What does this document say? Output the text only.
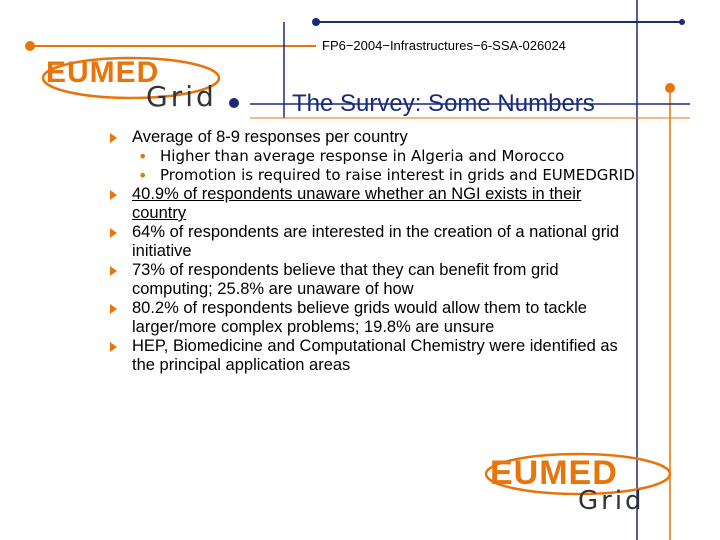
EUMED
Grid
FP6−2004−Infrastructures−6-SSA-026024
The Survey: Some Numbers

Average of 8-9 responses per country

• Higher than average response in Algeria and Morocco

• Promotion is required to raise interest in grids and EUMEDGRID

40.9% of respondents unaware whether an NGI exists in their country

64% of respondents are interested in the creation of a national grid initiative

73% of respondents believe that they can benefit from grid computing; 25.8% are unaware of how

80.2% of respondents believe grids would allow them to tackle larger/more complex problems; 19.8% are unsure

HEP, Biomedicine and Computational Chemistry were identified as the principal application areas

EUMED
Grid
